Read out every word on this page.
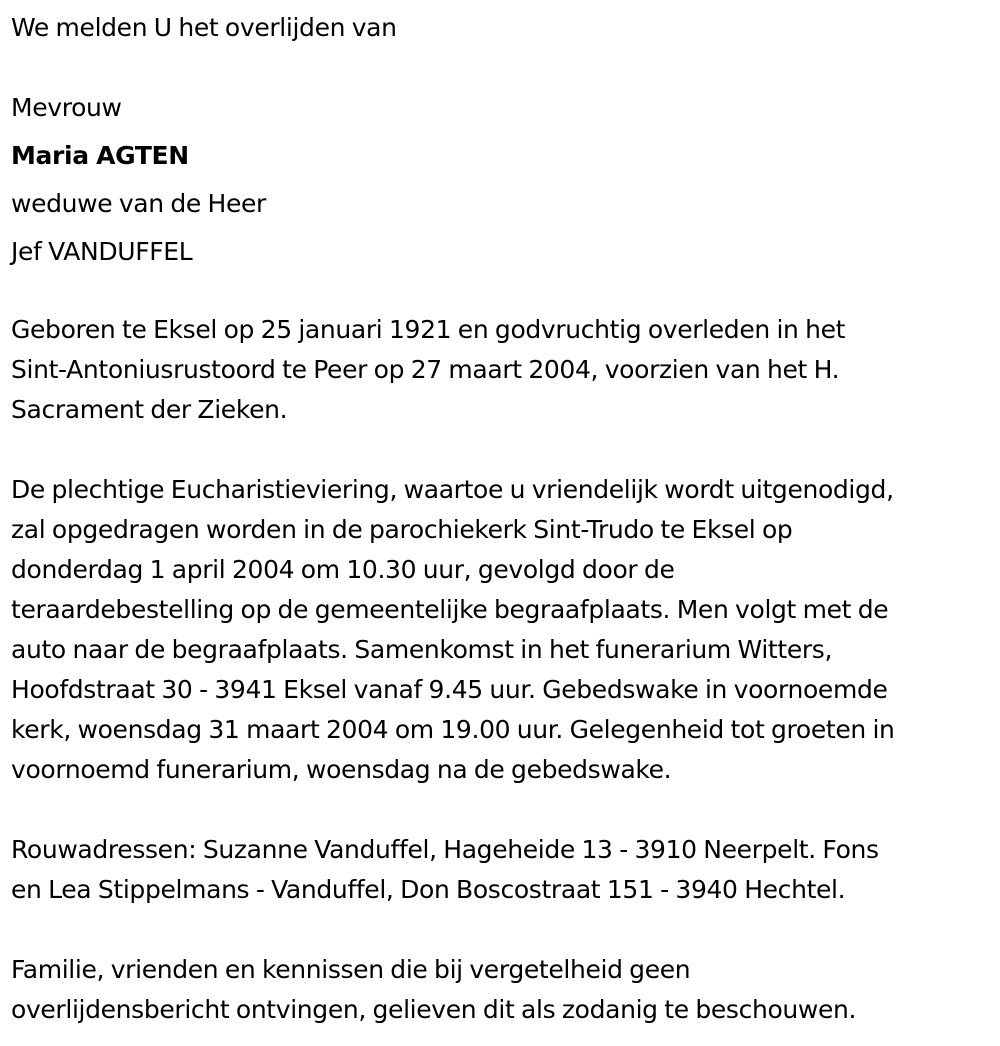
We melden U het overlijden van
Mevrouw
Maria AGTEN
weduwe van de Heer
Jef VANDUFFEL
Geboren te Eksel op 25 januari 1921 en godvruchtig overleden in het
Sint-Antoniusrustoord te Peer op 27 maart 2004, voorzien van het H.
Sacrament der Zieken.
De plechtige Eucharistieviering, waartoe u vriendelijk wordt uitgenodigd,
zal opgedragen worden in de parochiekerk Sint-Trudo te Eksel op
donderdag 1 april 2004 om 10.30 uur, gevolgd door de
teraardebestelling op de gemeentelijke begraafplaats. Men volgt met de
auto naar de begraafplaats. Samenkomst in het funerarium Witters,
Hoofdstraat 30 - 3941 Eksel vanaf 9.45 uur. Gebedswake in voornoemde
kerk, woensdag 31 maart 2004 om 19.00 uur. Gelegenheid tot groeten in
voornoemd funerarium, woensdag na de gebedswake.
Rouwadressen: Suzanne Vanduffel, Hageheide 13 - 3910 Neerpelt. Fons
en Lea Stippelmans - Vanduffel, Don Boscostraat 151 - 3940 Hechtel.
Familie, vrienden en kennissen die bij vergetelheid geen
overlijdensbericht ontvingen, gelieven dit als zodanig te beschouwen.
